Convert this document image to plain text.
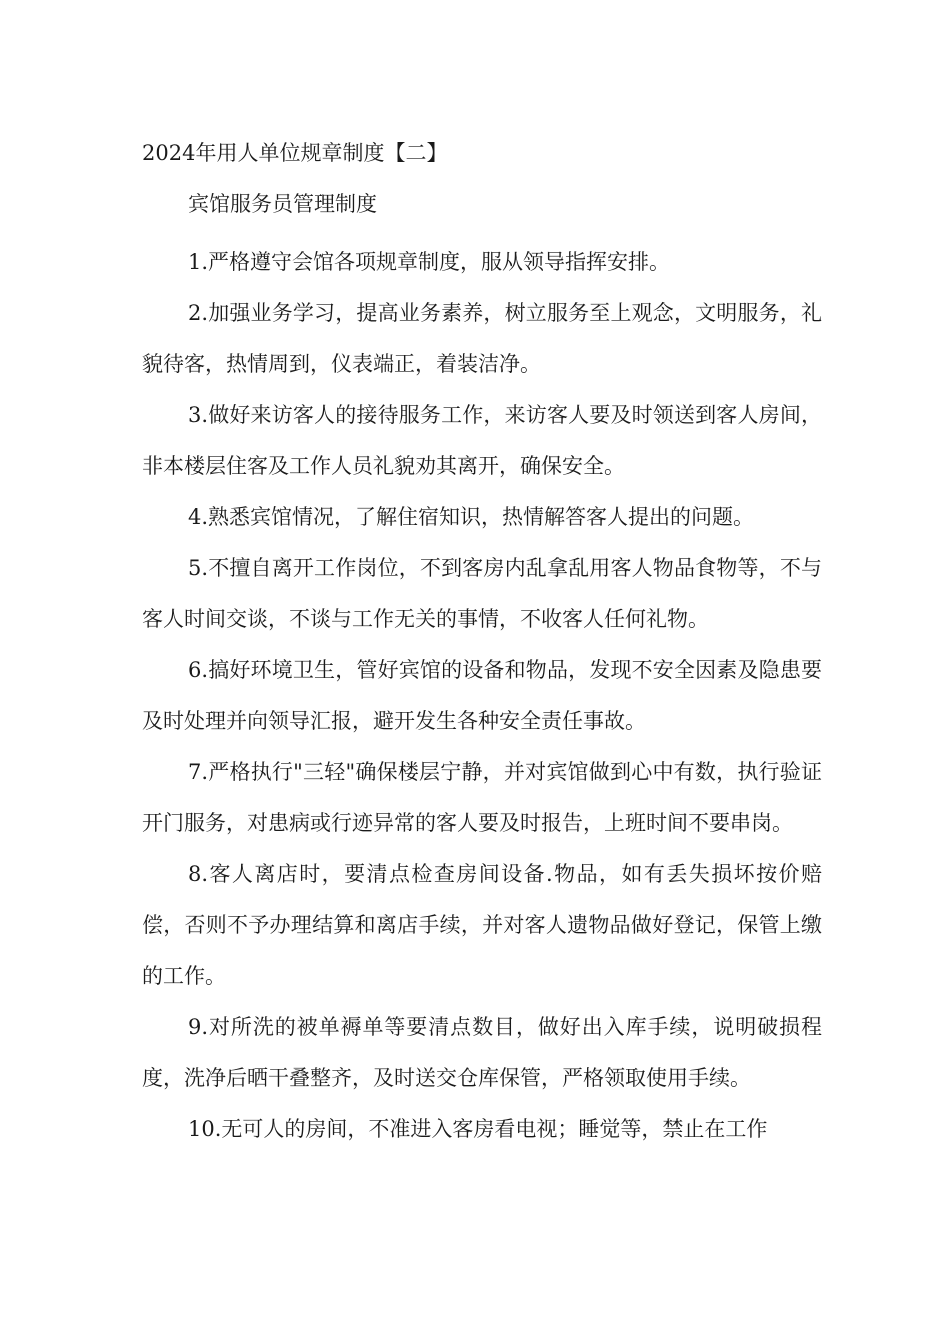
2024年用人单位规章制度【二】

宾馆服务员管理制度

1.严格遵守会馆各项规章制度，服从领导指挥安排。

2.加强业务学习，提高业务素养，树立服务至上观念，文明服务，礼貌待客，热情周到，仪表端正，着装洁净。

3.做好来访客人的接待服务工作，来访客人要及时领送到客人房间，非本楼层住客及工作人员礼貌劝其离开，确保安全。

4.熟悉宾馆情况，了解住宿知识，热情解答客人提出的问题。

5.不擅自离开工作岗位，不到客房内乱拿乱用客人物品食物等，不与客人时间交谈，不谈与工作无关的事情，不收客人任何礼物。

6.搞好环境卫生，管好宾馆的设备和物品，发现不安全因素及隐患要及时处理并向领导汇报，避开发生各种安全责任事故。

7.严格执行"三轻"确保楼层宁静，并对宾馆做到心中有数，执行验证开门服务，对患病或行迹异常的客人要及时报告，上班时间不要串岗。

8.客人离店时，要清点检查房间设备.物品，如有丢失损坏按价赔偿，否则不予办理结算和离店手续，并对客人遗物品做好登记，保管上缴的工作。

9.对所洗的被单褥单等要清点数目，做好出入库手续，说明破损程度，洗净后晒干叠整齐，及时送交仓库保管，严格领取使用手续。

10.无可人的房间，不准进入客房看电视；睡觉等，禁止在工作
